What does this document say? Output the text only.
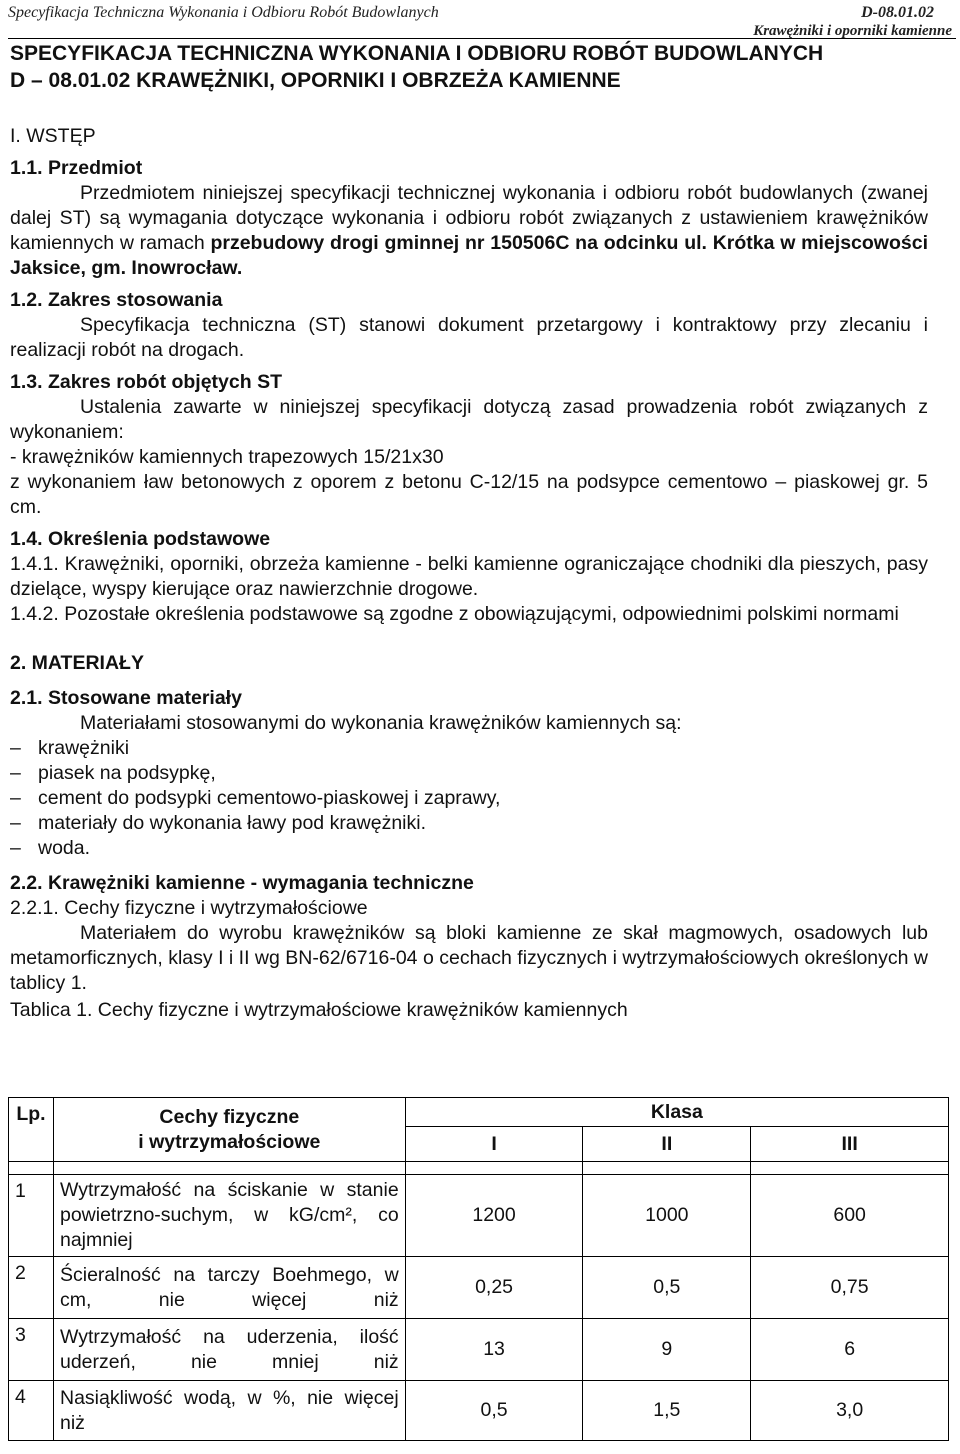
Specyfikacja Techniczna Wykonania i Odbioru Robót Budowlanych	D-08.01.02
Krawężniki i oporniki kamienne

SPECYFIKACJA TECHNICZNA WYKONANIA I ODBIORU ROBÓT BUDOWLANYCH

D – 08.01.02 KRAWĘŻNIKI, OPORNIKI I OBRZEŻA KAMIENNE

I. WSTĘP

1.1. Przedmiot

Przedmiotem niniejszej specyfikacji technicznej wykonania i odbioru robót budowlanych (zwanej dalej ST) są wymagania dotyczące wykonania i odbioru robót związanych z ustawieniem krawężników kamiennych w ramach przebudowy drogi gminnej nr 150506C na odcinku ul. Krótka w miejscowości Jaksice, gm. Inowrocław.

1.2. Zakres stosowania

Specyfikacja techniczna (ST) stanowi dokument przetargowy i kontraktowy przy zlecaniu i realizacji robót na drogach.

1.3. Zakres robót objętych ST

Ustalenia zawarte w niniejszej specyfikacji dotyczą zasad prowadzenia robót związanych z wykonaniem:

- krawężników kamiennych trapezowych 15/21x30

z wykonaniem ław betonowych z oporem z betonu C-12/15 na podsypce cementowo – piaskowej gr. 5 cm.

1.4. Określenia podstawowe

1.4.1. Krawężniki, oporniki, obrzeża kamienne - belki kamienne ograniczające chodniki dla pieszych, pasy dzielące, wyspy kierujące oraz nawierzchnie drogowe.

1.4.2. Pozostałe określenia podstawowe są zgodne z obowiązującymi, odpowiednimi polskimi normami

2. MATERIAŁY

2.1. Stosowane materiały

Materiałami stosowanymi do wykonania krawężników kamiennych są:

– krawężniki

– piasek na podsypkę,

– cement do podsypki cementowo-piaskowej i zaprawy,

– materiały do wykonania ławy pod krawężniki.

– woda.

2.2. Krawężniki kamienne - wymagania techniczne

2.2.1. Cechy fizyczne i wytrzymałościowe

Materiałem do wyrobu krawężników są bloki kamienne ze skał magmowych, osadowych lub metamorficznych, klasy I i II wg BN-62/6716-04 o cechach fizycznych i wytrzymałościowych określonych w tablicy 1.

Tablica 1. Cechy fizyczne i wytrzymałościowe krawężników kamiennych

Lp.	Cechy fizyczne
i wytrzymałościowe	Klasa		
		I	II	III

1	Wytrzymałość na ściskanie w stanie powietrzno-suchym, w kG/cm², co najmniej	1200	1000	600
2	Ścieralność na tarczy Boehmego, w cm, nie więcej niż	0,25	0,5	0,75
3	Wytrzymałość na uderzenia, ilość uderzeń, nie mniej niż	13	9	6
4	Nasiąkliwość wodą, w %, nie więcej niż	0,5	1,5	3,0
